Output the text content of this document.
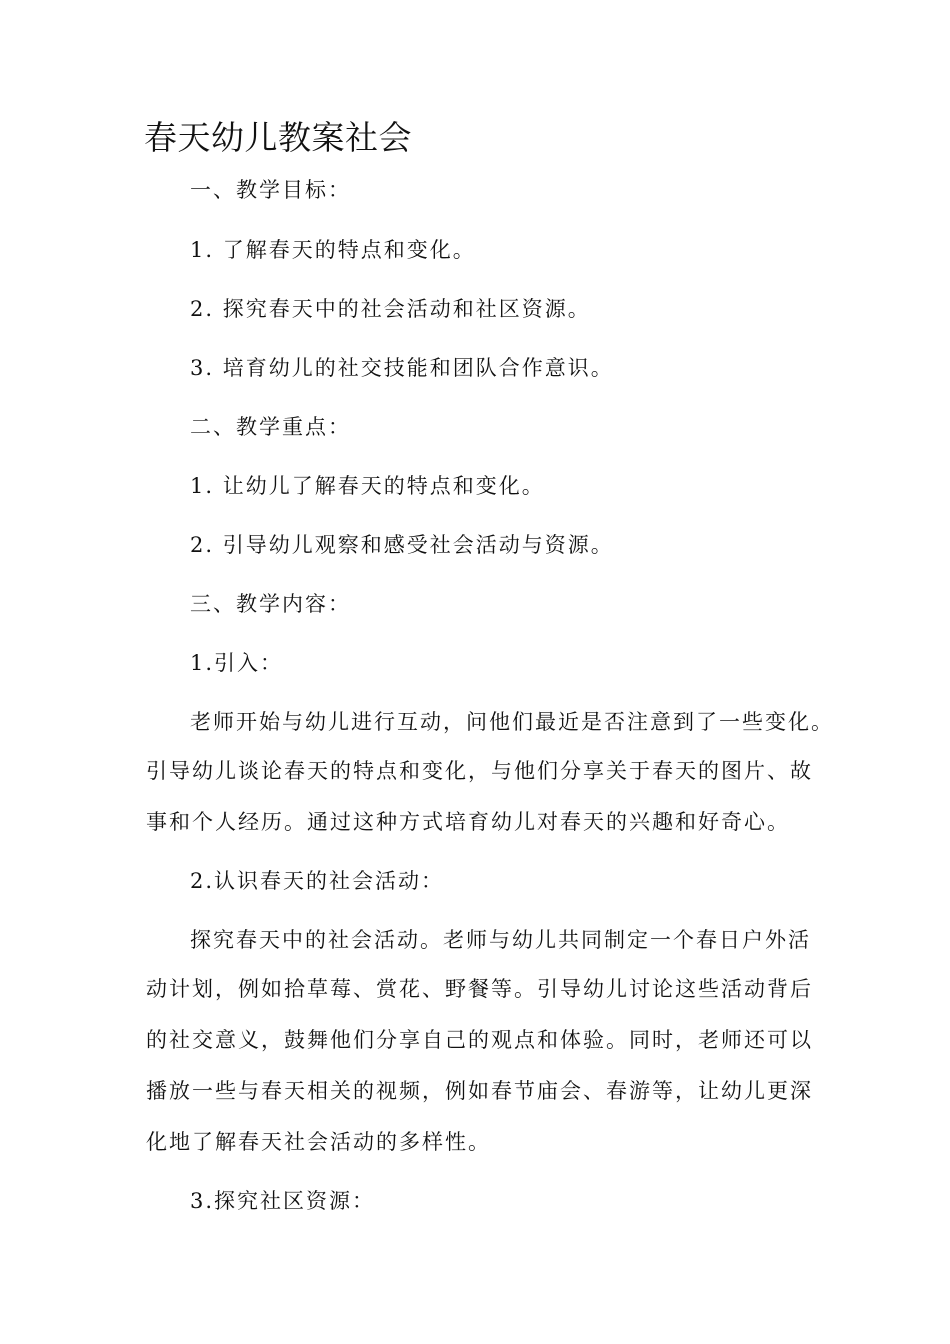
春天幼儿教案社会

一、教学目标：

1. 了解春天的特点和变化。

2. 探究春天中的社会活动和社区资源。

3. 培育幼儿的社交技能和团队合作意识。

二、教学重点：

1. 让幼儿了解春天的特点和变化。

2. 引导幼儿观察和感受社会活动与资源。

三、教学内容：

1.引入：

老师开始与幼儿进行互动，问他们最近是否注意到了一些变化。

引导幼儿谈论春天的特点和变化，与他们分享关于春天的图片、故

事和个人经历。通过这种方式培育幼儿对春天的兴趣和好奇心。

2.认识春天的社会活动：

探究春天中的社会活动。老师与幼儿共同制定一个春日户外活

动计划，例如拾草莓、赏花、野餐等。引导幼儿讨论这些活动背后

的社交意义，鼓舞他们分享自己的观点和体验。同时，老师还可以

播放一些与春天相关的视频，例如春节庙会、春游等，让幼儿更深

化地了解春天社会活动的多样性。

3.探究社区资源：
